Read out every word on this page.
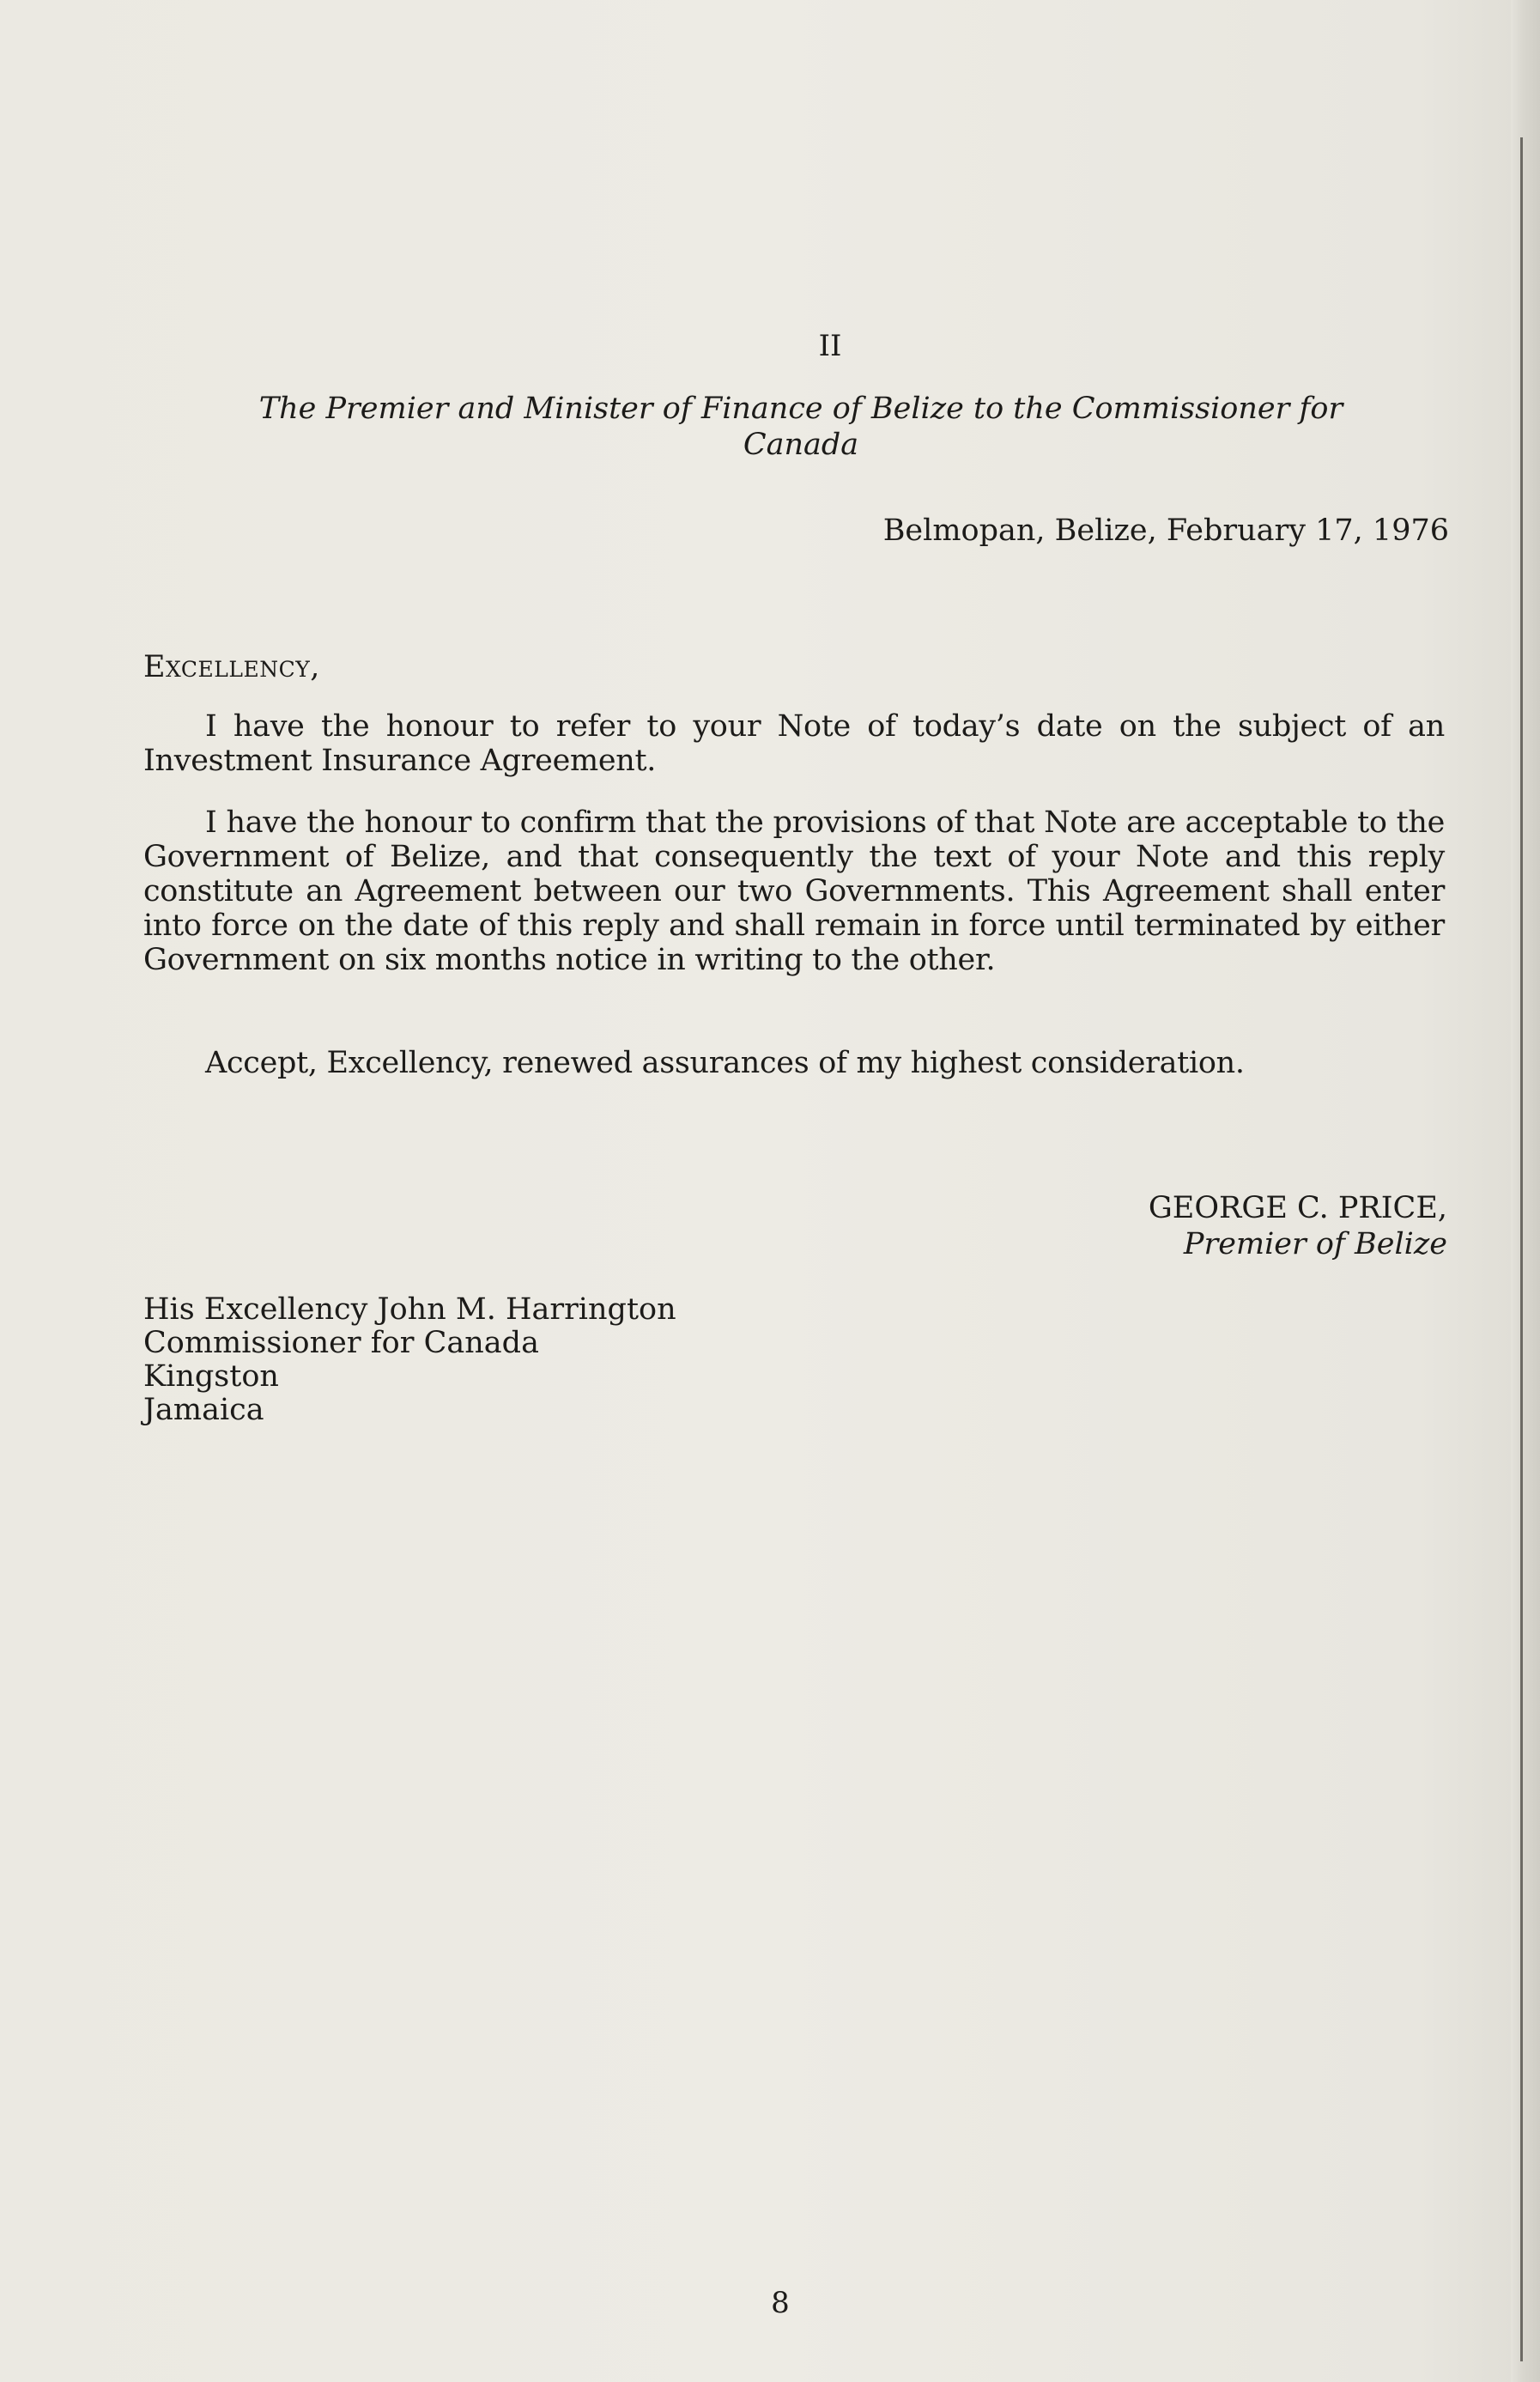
II
The Premier and Minister of Finance of Belize to the Commissioner for
Canada
Belmopan, Belize, February 17, 1976
Excellency,

I have the honour to refer to your Note of today’s date on the subject of an Investment Insurance Agreement.

I have the honour to confirm that the provisions of that Note are acceptable to the Government of Belize, and that consequently the text of your Note and this reply constitute an Agreement between our two Governments. This Agreement shall enter into force on the date of this reply and shall remain in force until terminated by either Government on six months notice in writing to the other.

Accept, Excellency, renewed assurances of my highest consideration.

GEORGE C. PRICE,
Premier of Belize
His Excellency John M. Harrington
Commissioner for Canada
Kingston
Jamaica
8
